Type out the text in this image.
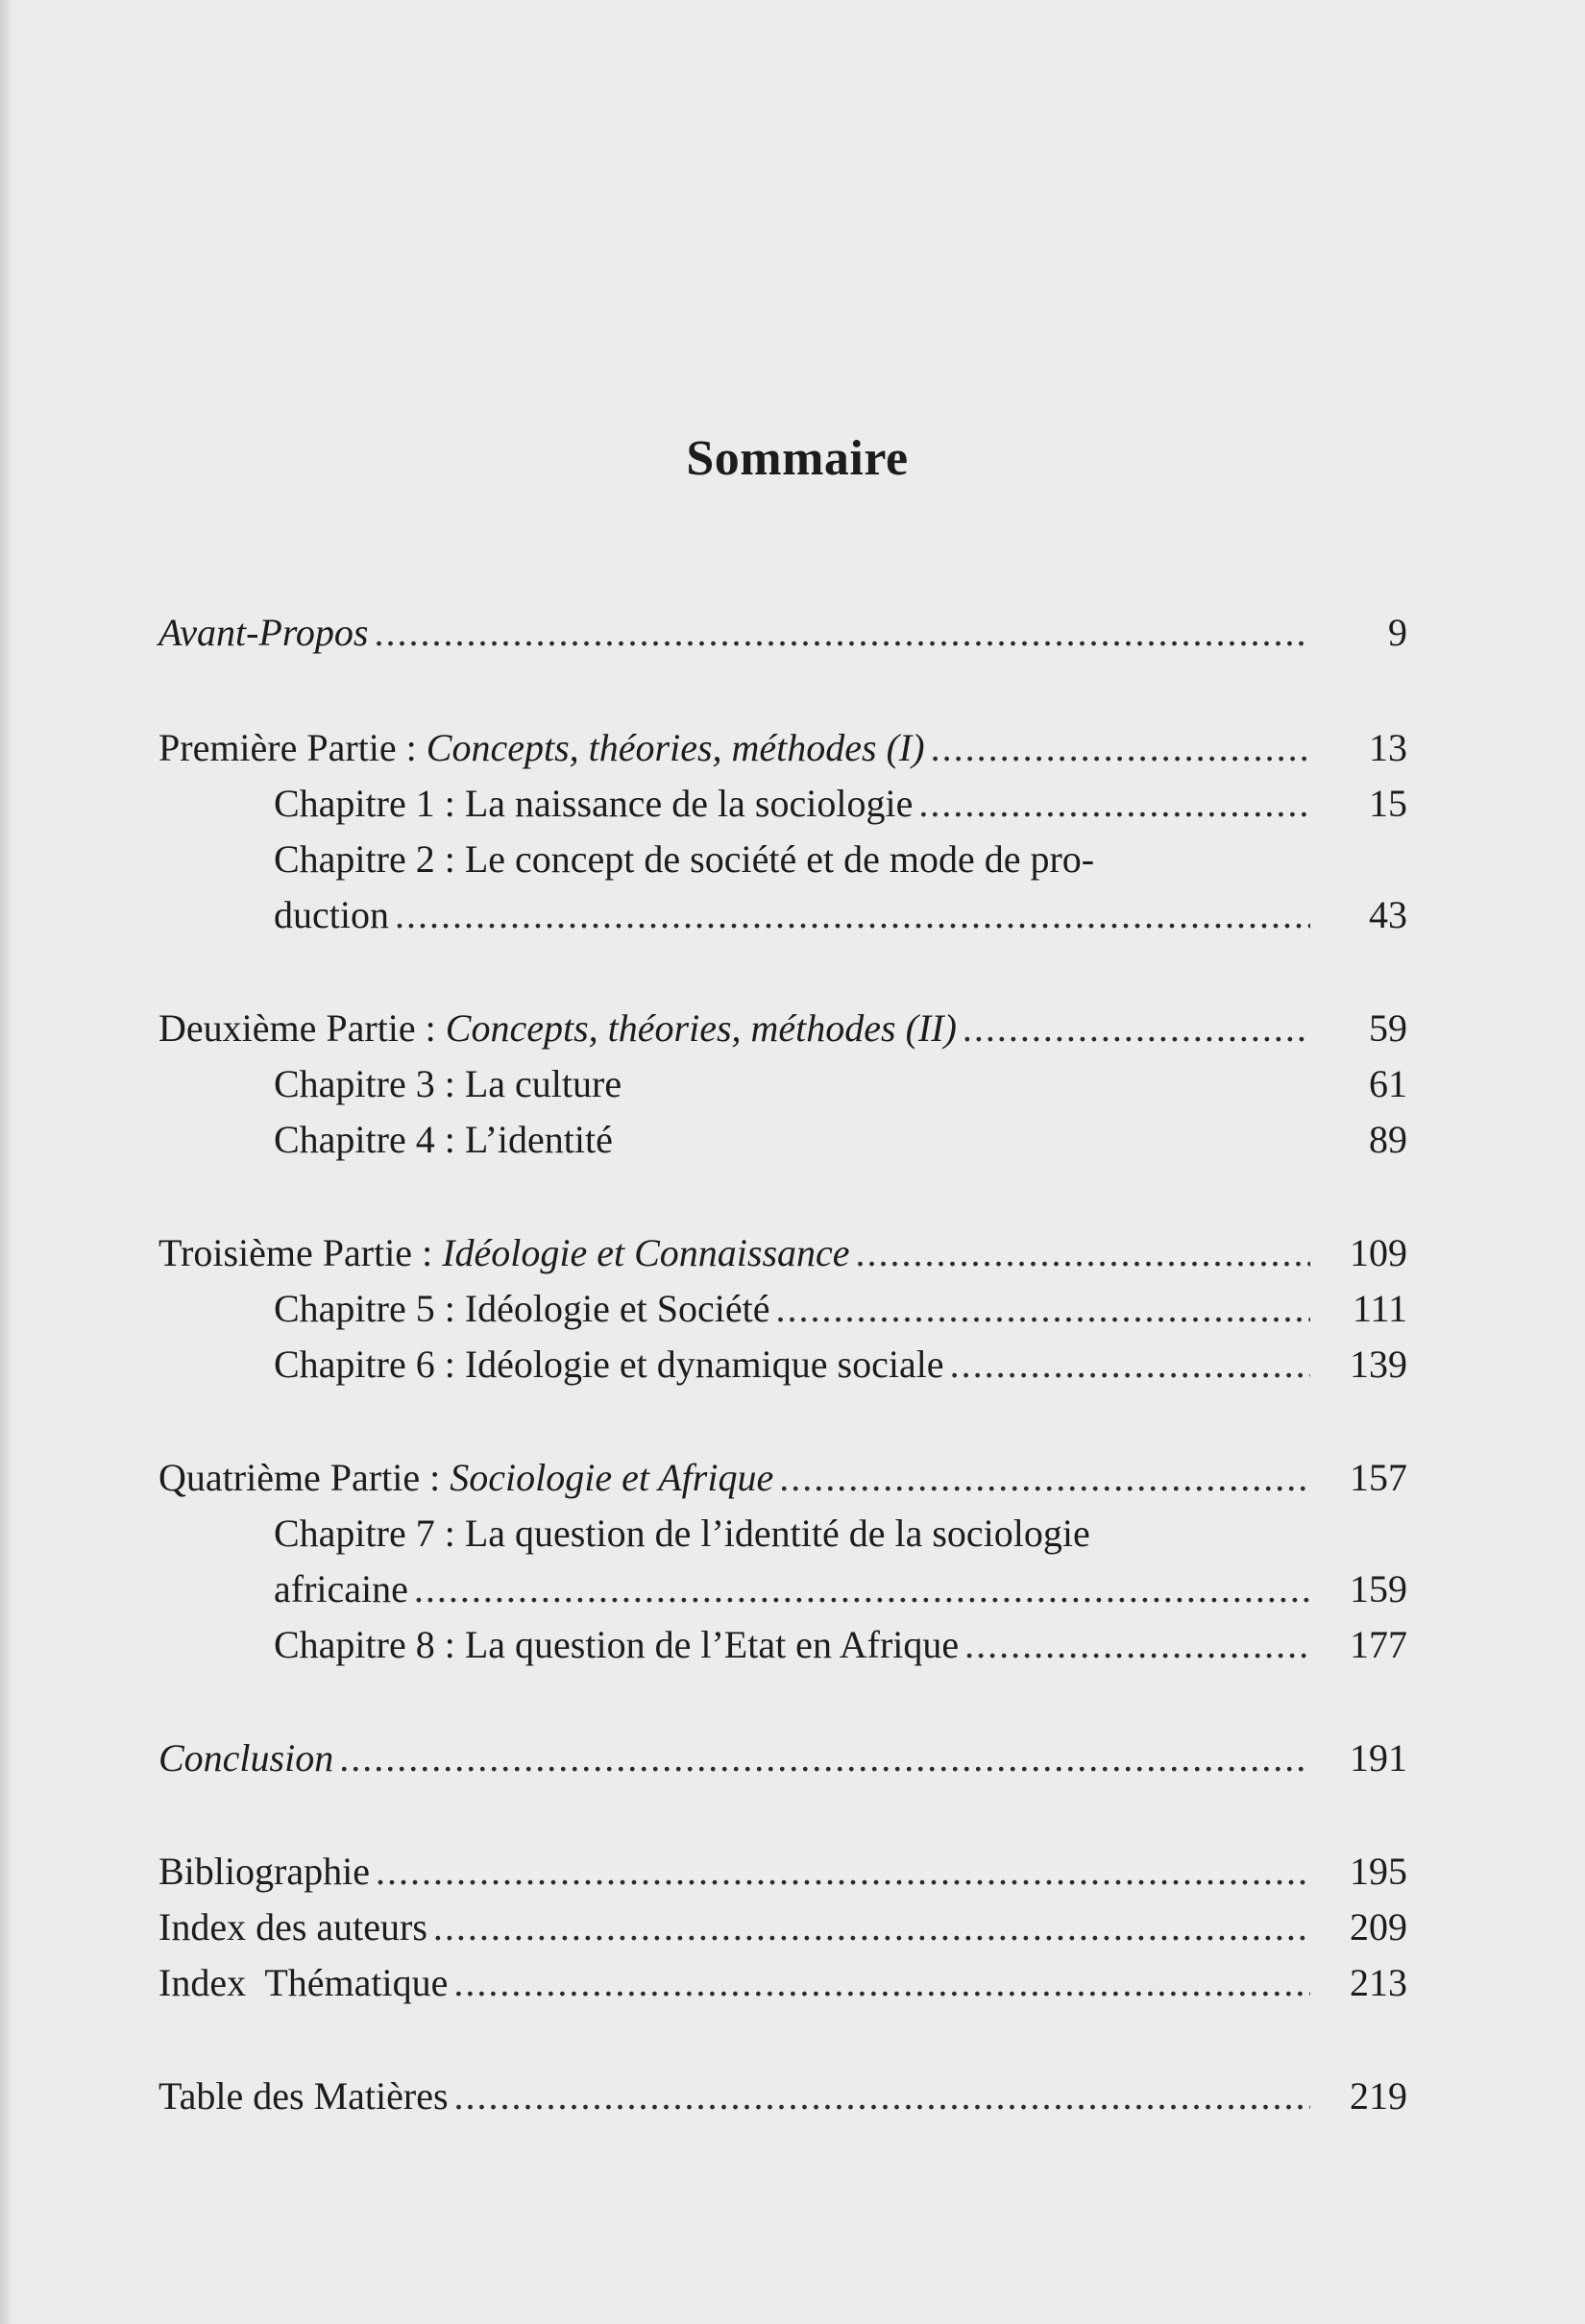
Sommaire
Avant-Propos .....	9
Première Partie : Concepts, théories, méthodes (I) .....	13
Chapitre 1 : La naissance de la sociologie .....	15
Chapitre 2 : Le concept de société et de mode de pro-
duction .....	43
Deuxième Partie : Concepts, théories, méthodes (II) .....	59
Chapitre 3 : La culture	61
Chapitre 4 : L’identité	89
Troisième Partie : Idéologie et Connaissance .....	109
Chapitre 5 : Idéologie et Société .....	111
Chapitre 6 : Idéologie et dynamique sociale .....	139
Quatrième Partie : Sociologie et Afrique .....	157
Chapitre 7 : La question de l’identité de la sociologie
africaine .....	159
Chapitre 8 : La question de l’Etat en Afrique .....	177
Conclusion .....	191
Bibliographie .....	195
Index des auteurs .....	209
Index  Thématique .....	213
Table des Matières .....	219
